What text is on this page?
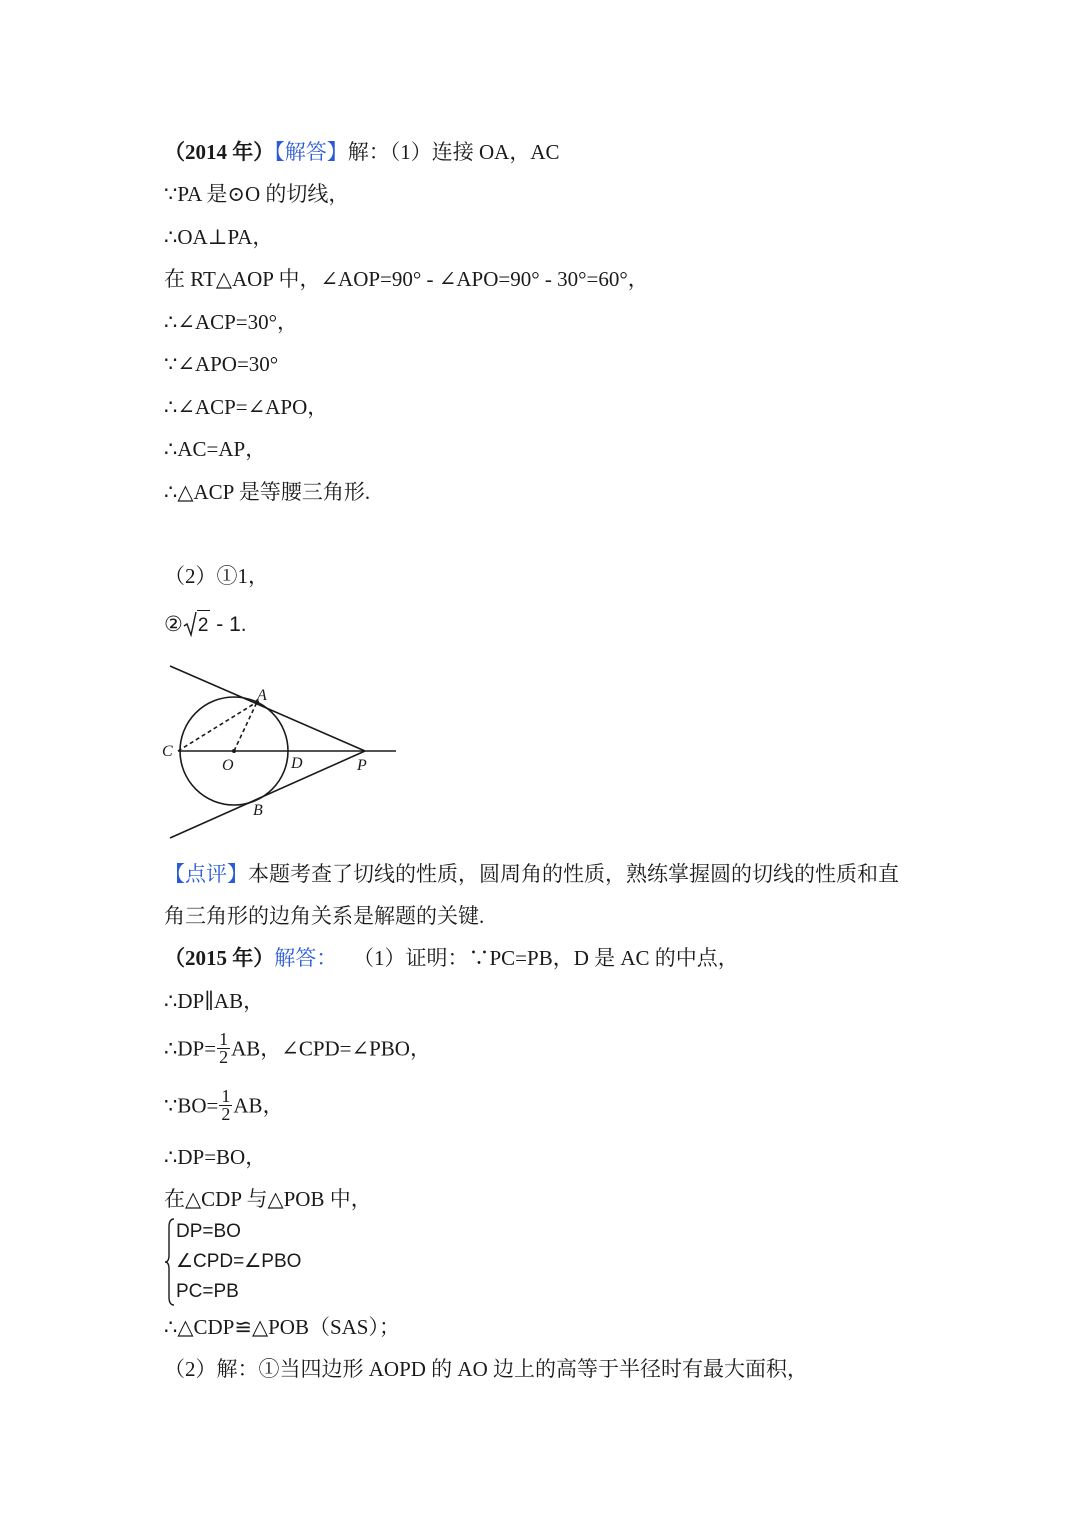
（2014 年）【解答】解：（1）连接 OA，AC
∵PA 是⊙O 的切线，
∴OA⊥PA，
在 RT△AOP 中，∠AOP=90° - ∠APO=90° - 30°=60°，
∴∠ACP=30°，
∵∠APO=30°
∴∠ACP=∠APO，
∴AC=AP，
∴△ACP 是等腰三角形.
（2）①1，
② 2 - 1.
A
B
C
O	D	P
【点评】本题考查了切线的性质，圆周角的性质，熟练掌握圆的切线的性质和直
角三角形的边角关系是解题的关键.
（2015 年）解答： （1）证明：∵PC=PB，D 是 AC 的中点，
∴DP∥AB，
∴DP= $\frac{1}{2}$ AB，∠CPD=∠PBO，
∵BO= $\frac{1}{2}$ AB，
∴DP=BO，
在△CDP 与△POB 中，
DP=BO
∠CPD=∠PBO
PC=PB
∴△CDP≌△POB（SAS）；
（2）解：①当四边形 AOPD 的 AO 边上的高等于半径时有最大面积，
